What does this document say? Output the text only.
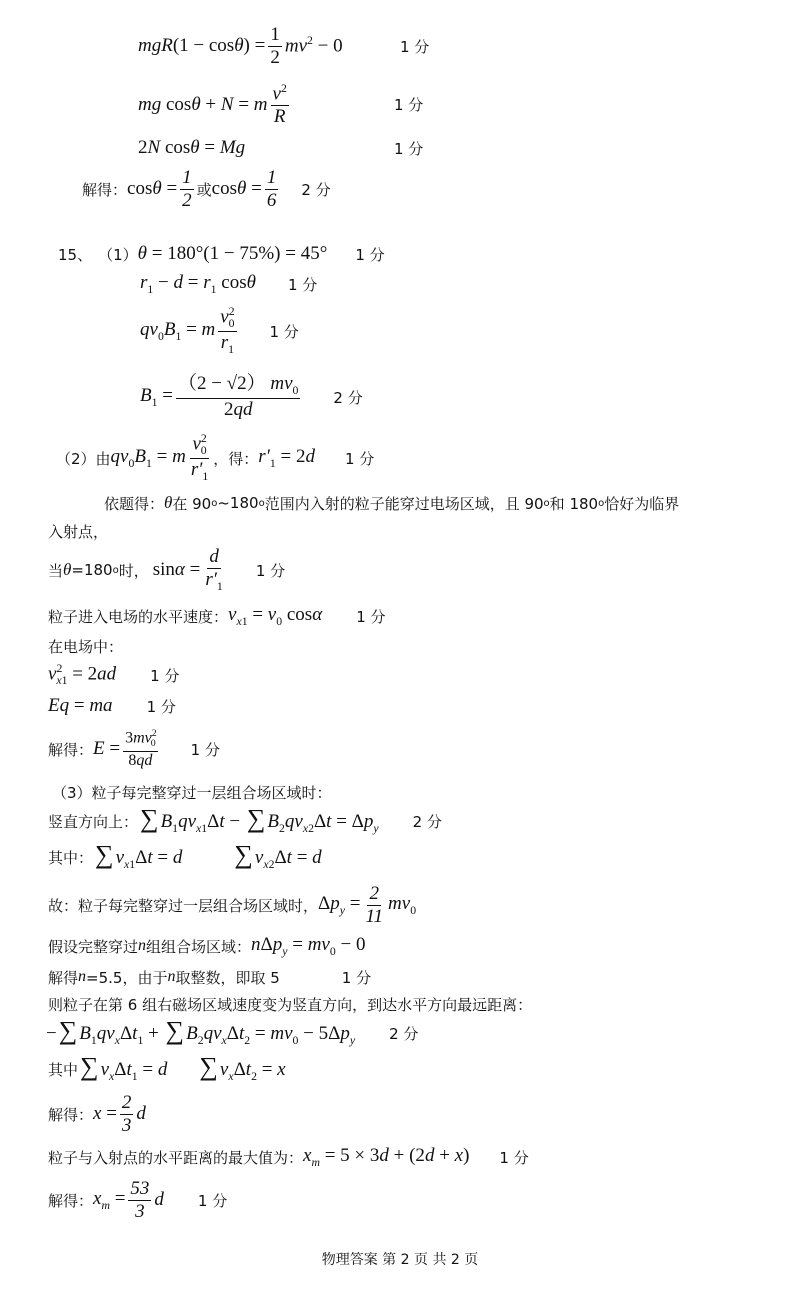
$mgR(1 - \cos\theta) = \frac{1}{2} mv^2 - 0$	1 分
mg cosθ + N = m $\frac{v^2}{R}$	1 分
2N cosθ = Mg	1 分
解得： $\cos\theta = \frac{1}{2}$ 或 $\cos\theta = \frac{1}{6} 2$ 分
15、 （1） θ = 180°(1 − 75%) = 45° 1 分
$r_1 - d = r_1$ cosθ 1 分
$qv_0B_1 = m \frac{v^2_0}{r_1} 1$ 分
$B_1 = \frac{(2 - √2) mv_0}{2qd} 2$ 分
（2）由 $qv_0B_1 = m \frac{v^2_0}{r'_1}$ ，得： $r'_1 = 2d$ 1 分
依题得： θ 在 90 o ~180 o 范围内入射的粒子能穿过电场区域，且 90 o 和 180 o 恰好为临界
入射点，
当 θ =180 o 时， $\sin\alpha = \frac{d}{r'_1} 1$ 分
粒子进入电场的水平速度： $v_{x1} = v_0$ cosα 1 分
在电场中：
$v^2_{x1} = 2ad$ 1 分
Eq = ma 1 分
解得： $E = \frac{3mv^2_0}{8qd} 1$ 分
（3）粒子每完整穿过一层组合场区域时：
竖直方向上： ∑ $B_1qv_{x1}\Delta t$ − ∑ $B_2qv_{x2}\Delta t = \Delta p_y$ 2 分
其中： ∑ $v_{x1}\Delta t = d$ ∑ $v_{x2}\Delta t = d$
故：粒子每完整穿过一层组合场区域时， $\Delta p_y = \frac{2}{11} mv_0$
假设完整穿过 n 组组合场区域： $n\Delta p_y = mv_0 - 0$
解得 n =5.5，由于 n 取整数，即取 5	1 分
则粒子在第 6 组右磁场区域速度变为竖直方向，到达水平方向最远距离：
−∑ $B_1qv_x\Delta t_1$ + ∑ $B_2qv_x\Delta t_2 = mv_0 - 5\Delta p_y$ 2 分
其中 ∑ $v_x\Delta t_1 = d$ ∑ $v_x\Delta t_2 = x$
解得： $x = \frac{2}{3}$ d
粒子与入射点的水平距离的最大值为： $x_m = 5 \times 3d + (2d + x)$ 1 分
解得： $x_m = \frac{53}{3}$ d 1 分
物理答案 第 2 页 共 2 页
